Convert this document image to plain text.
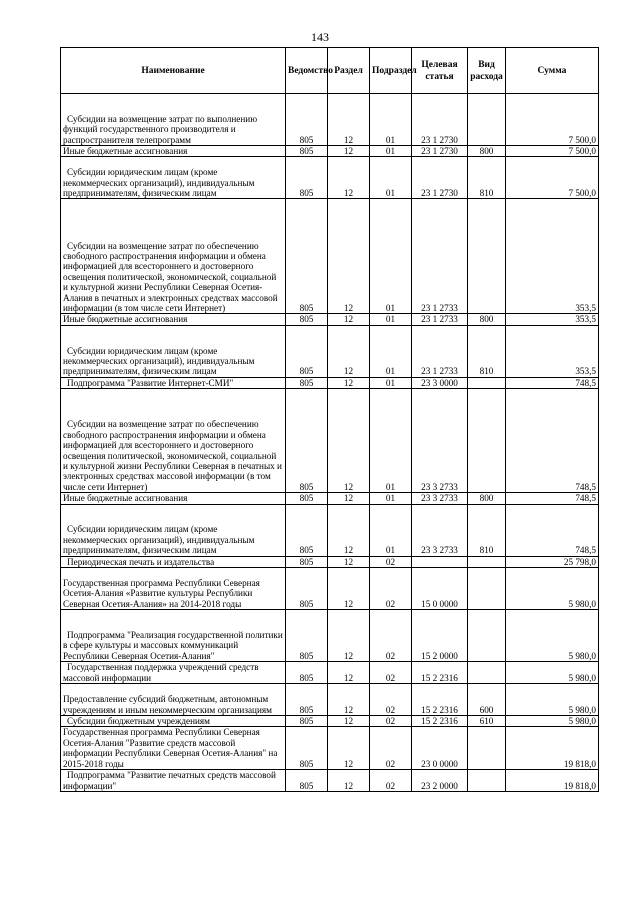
143
Наименование	Ведомство	Раздел	Подраздел	Целевая статья	Вид расхода	Сумма
Субсидии на возмещение затрат по выполнению функций государственного производителя и распространителя телепрограмм	805	12	01	23 1 2730		7 500,0
Иные бюджетные ассигнования	805	12	01	23 1 2730	800	7 500,0
Субсидии юридическим лицам (кроме некоммерческих организаций), индивидуальным предпринимателям, физическим лицам	805	12	01	23 1 2730	810	7 500,0
Субсидии на возмещение затрат по обеспечению свободного распространения информации и обмена информацией для всестороннего и достоверного освещения политической, экономической, социальной и культурной жизни Республики Северная Осетия-Алания в печатных и электронных средствах массовой информации (в том числе сети Интернет)	805	12	01	23 1 2733		353,5
Иные бюджетные ассигнования	805	12	01	23 1 2733	800	353,5
Субсидии юридическим лицам (кроме некоммерческих организаций), индивидуальным предпринимателям, физическим лицам	805	12	01	23 1 2733	810	353,5
Подпрограмма "Развитие Интернет-СМИ"	805	12	01	23 3 0000		748,5
Субсидии на возмещение затрат по обеспечению свободного распространения информации и обмена информацией для всестороннего и достоверного освещения политической, экономической, социальной и культурной жизни Республики Северная в печатных и электронных средствах массовой информации (в том числе сети Интернет)	805	12	01	23 3 2733		748,5
Иные бюджетные ассигнования	805	12	01	23 3 2733	800	748,5
Субсидии юридическим лицам (кроме некоммерческих организаций), индивидуальным предпринимателям, физическим лицам	805	12	01	23 3 2733	810	748,5
Периодическая печать и издательства	805	12	02			25 798,0
Государственная программа Республики Северная Осетия-Алания «Развитие культуры Республики Северная Осетия-Алания» на 2014-2018 годы	805	12	02	15 0 0000		5 980,0
Подпрограмма "Реализация государственной политики в сфере культуры и массовых коммуникаций Республики Северная Осетия-Алания"	805	12	02	15 2 0000		5 980,0
Государственная поддержка учреждений средств массовой информации	805	12	02	15 2 2316		5 980,0
Предоставление субсидий бюджетным, автономным учреждениям и иным некоммерческим организациям	805	12	02	15 2 2316	600	5 980,0
Субсидии бюджетным учреждениям	805	12	02	15 2 2316	610	5 980,0
Государственная программа Республики Северная Осетия-Алания "Развитие средств массовой информации Республики Северная Осетия-Алания" на 2015-2018 годы	805	12	02	23 0 0000		19 818,0
Подпрограмма "Развитие печатных средств массовой информации"	805	12	02	23 2 0000		19 818,0
